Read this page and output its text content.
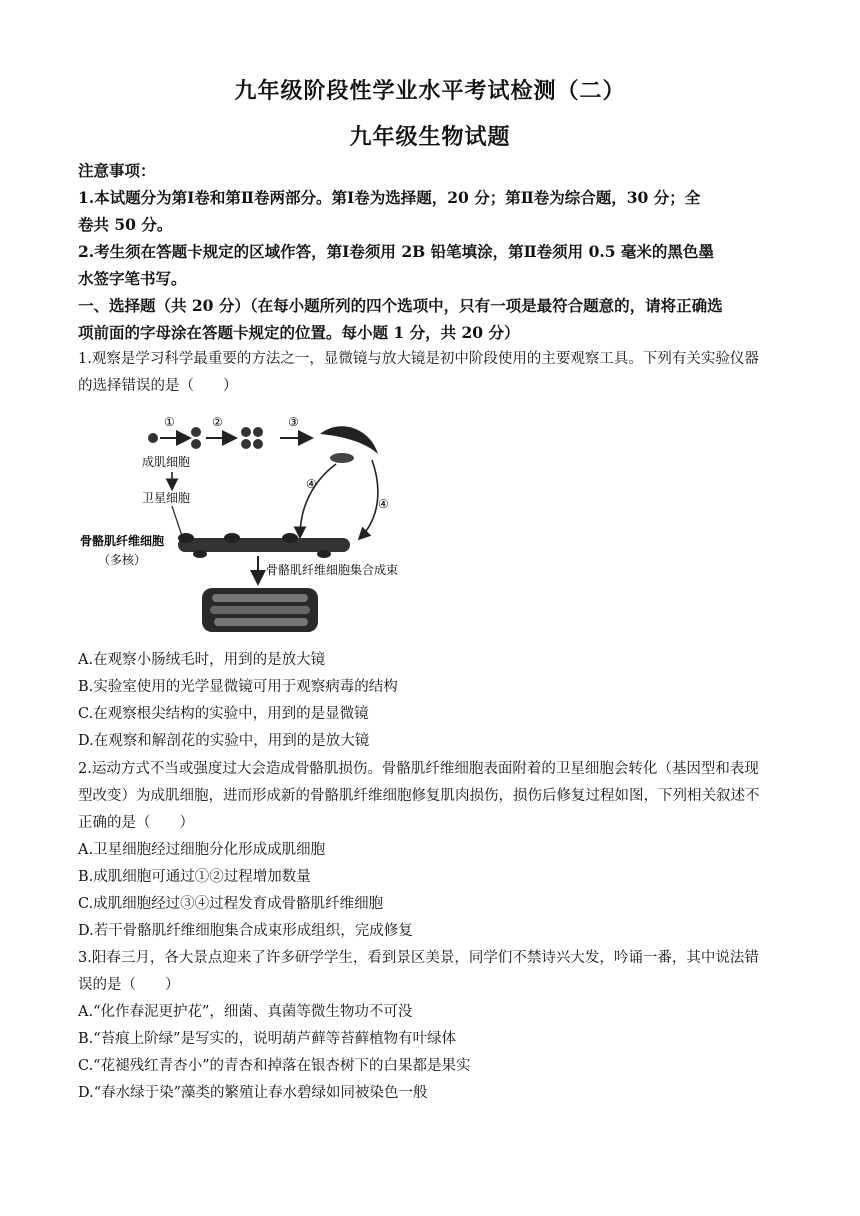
九年级阶段性学业水平考试检测（二）
九年级生物试题
注意事项：
1.本试题分为第Ⅰ卷和第Ⅱ卷两部分。第Ⅰ卷为选择题，20 分；第Ⅱ卷为综合题，30 分；全
卷共 50 分。
2.考生须在答题卡规定的区域作答，第Ⅰ卷须用 2B 铅笔填涂，第Ⅱ卷须用 0.5 毫米的黑色墨
水签字笔书写。
一、选择题（共 20 分）（在每小题所列的四个选项中，只有一项是最符合题意的，请将正确选
项前面的字母涂在答题卡规定的位置。每小题 1 分，共 20 分）
1.观察是学习科学最重要的方法之一，显微镜与放大镜是初中阶段使用的主要观察工具。下列有关实验仪器
的选择错误的是（　　）
①	②	③
④
④
成肌细胞
卫星细胞
骨骼肌纤维细胞
（多核）
骨骼肌纤维细胞集合成束
A.在观察小肠绒毛时，用到的是放大镜
B.实验室使用的光学显微镜可用于观察病毒的结构
C.在观察根尖结构的实验中，用到的是显微镜
D.在观察和解剖花的实验中，用到的是放大镜
2.运动方式不当或强度过大会造成骨骼肌损伤。骨骼肌纤维细胞表面附着的卫星细胞会转化（基因型和表现
型改变）为成肌细胞，进而形成新的骨骼肌纤维细胞修复肌肉损伤，损伤后修复过程如图，下列相关叙述不
正确的是（　　）
A.卫星细胞经过细胞分化形成成肌细胞
B.成肌细胞可通过①②过程增加数量
C.成肌细胞经过③④过程发育成骨骼肌纤维细胞
D.若干骨骼肌纤维细胞集合成束形成组织，完成修复
3.阳春三月，各大景点迎来了许多研学学生，看到景区美景，同学们不禁诗兴大发，吟诵一番，其中说法错
误的是（　　）
A.“化作春泥更护花”，细菌、真菌等微生物功不可没
B.“苔痕上阶绿”是写实的，说明葫芦藓等苔藓植物有叶绿体
C.“花褪残红青杏小”的青杏和掉落在银杏树下的白果都是果实
D.“春水绿于染”藻类的繁殖让春水碧绿如同被染色一般
